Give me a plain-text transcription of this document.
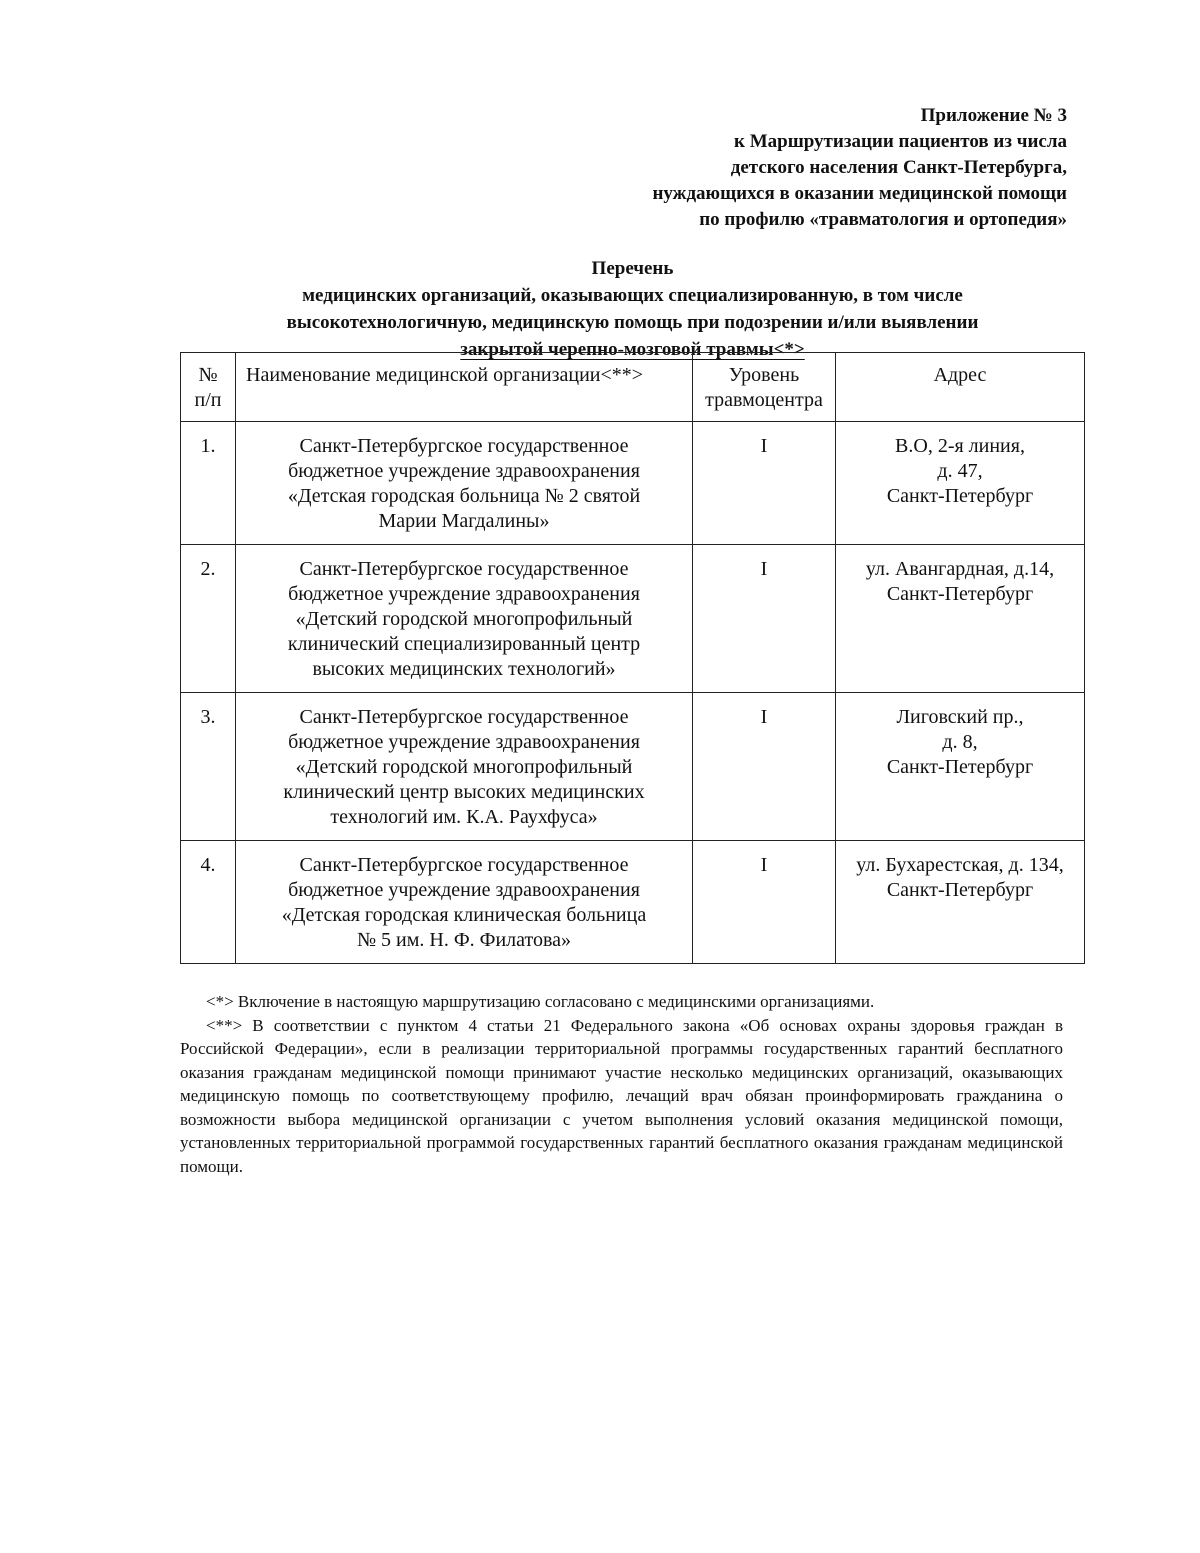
Приложение № 3
к Маршрутизации пациентов из числа
детского населения Санкт-Петербурга,
нуждающихся в оказании медицинской помощи
по профилю «травматология и ортопедия»
Перечень
медицинских организаций, оказывающих специализированную, в том числе
высокотехнологичную, медицинскую помощь при подозрении и/или выявлении
закрытой черепно-мозговой травмы<*>
№
п/п	Наименование медицинской организации<**>	Уровень
травмоцентра	Адрес

1.	Санкт-Петербургское государственное
бюджетное учреждение здравоохранения
«Детская городская больница № 2 святой
Марии Магдалины»	I	В.О, 2-я линия,
д. 47,
Санкт-Петербург

2.	Санкт-Петербургское государственное
бюджетное учреждение здравоохранения
«Детский городской многопрофильный
клинический специализированный центр
высоких медицинских технологий»	I	ул. Авангардная, д.14,
Санкт-Петербург

3.	Санкт-Петербургское государственное
бюджетное учреждение здравоохранения
«Детский городской многопрофильный
клинический центр высоких медицинских
технологий им. К.А. Раухфуса»	I	Лиговский пр.,
д. 8,
Санкт-Петербург

4.	Санкт-Петербургское государственное
бюджетное учреждение здравоохранения
«Детская городская клиническая больница
№ 5 им. Н. Ф. Филатова»	I	ул. Бухарестская, д. 134,
Санкт-Петербург

<*> Включение в настоящую маршрутизацию согласовано с медицинскими организациями.

<**> В соответствии с пунктом 4 статьи 21 Федерального закона «Об основах охраны здоровья граждан в Российской Федерации», если в реализации территориальной программы государственных гарантий бесплатного оказания гражданам медицинской помощи принимают участие несколько медицинских организаций, оказывающих медицинскую помощь по соответствующему профилю, лечащий врач обязан проинформировать гражданина о возможности выбора медицинской организации с учетом выполнения условий оказания медицинской помощи, установленных территориальной программой государственных гарантий бесплатного оказания гражданам медицинской помощи.
